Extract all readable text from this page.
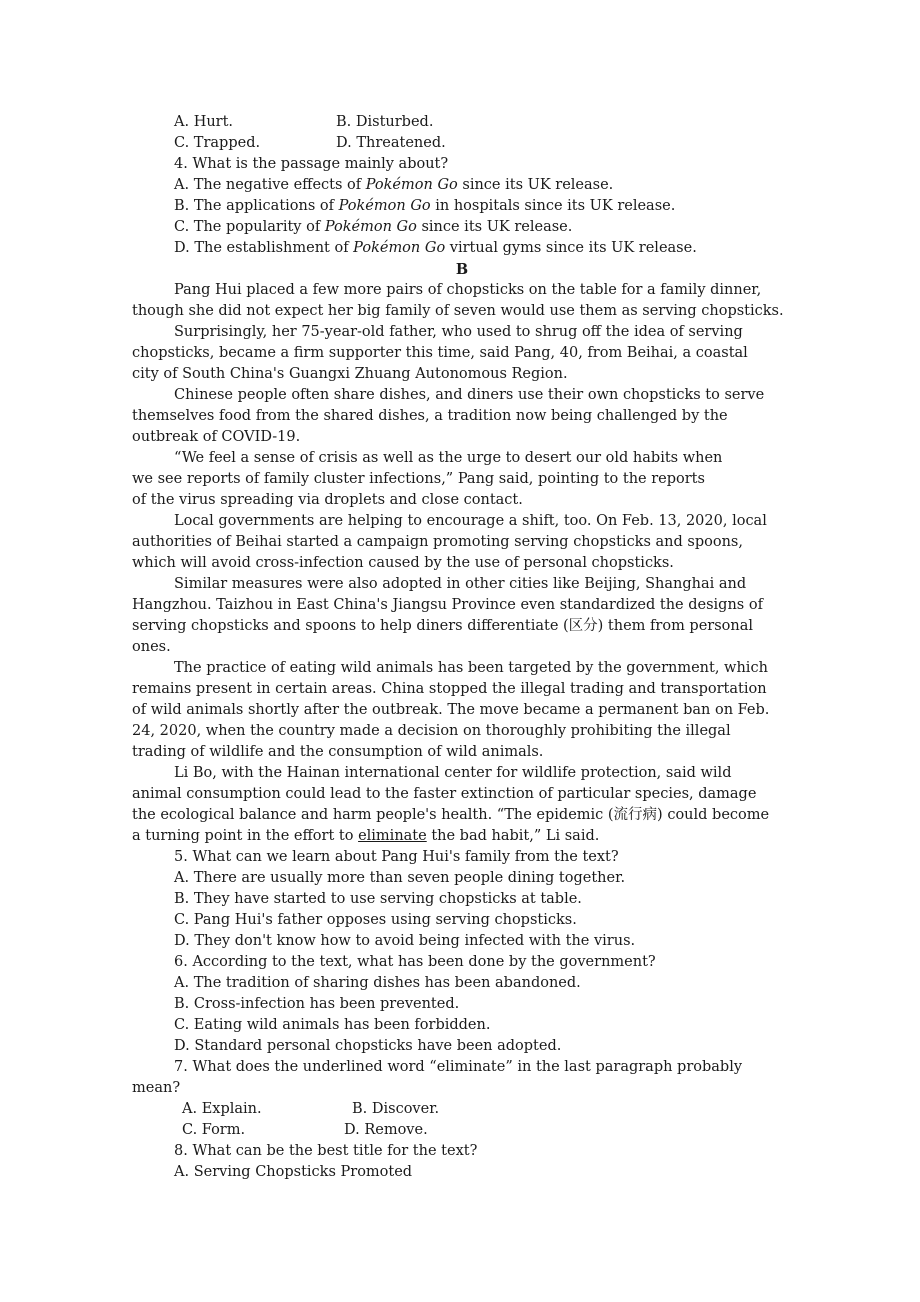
A. Hurt.	B. Disturbed.
C. Trapped.	D. Threatened.
4. What is the passage mainly about?
A. The negative effects of Pokémon Go since its UK release.
B. The applications of Pokémon Go in hospitals since its UK release.
C. The popularity of Pokémon Go since its UK release.
D. The establishment of Pokémon Go virtual gyms since its UK release.
B
Pang Hui placed a few more pairs of chopsticks on the table for a family dinner,
though she did not expect her big family of seven would use them as serving chopsticks.
Surprisingly, her 75-year-old father, who used to shrug off the idea of serving
chopsticks, became a firm supporter this time, said Pang, 40, from Beihai, a coastal
city of South China's Guangxi Zhuang Autonomous Region.
Chinese people often share dishes, and diners use their own chopsticks to serve
themselves food from the shared dishes, a tradition now being challenged by the
outbreak of COVID-19.
“We feel a sense of crisis as well as the urge to desert our old habits when
we see reports of family cluster infections,” Pang said, pointing to the reports
of the virus spreading via droplets and close contact.
Local governments are helping to encourage a shift, too. On Feb. 13, 2020, local
authorities of Beihai started a campaign promoting serving chopsticks and spoons,
which will avoid cross-infection caused by the use of personal chopsticks.
Similar measures were also adopted in other cities like Beijing, Shanghai and
Hangzhou. Taizhou in East China's Jiangsu Province even standardized the designs of
serving chopsticks and spoons to help diners differentiate (区分) them from personal
ones.
The practice of eating wild animals has been targeted by the government, which
remains present in certain areas. China stopped the illegal trading and transportation
of wild animals shortly after the outbreak. The move became a permanent ban on Feb.
24, 2020, when the country made a decision on thoroughly prohibiting the illegal
trading of wildlife and the consumption of wild animals.
Li Bo, with the Hainan international center for wildlife protection, said wild
animal consumption could lead to the faster extinction of particular species, damage
the ecological balance and harm people's health. “The epidemic (流行病) could become
a turning point in the effort to eliminate the bad habit,” Li said.
5. What can we learn about Pang Hui's family from the text?
A. There are usually more than seven people dining together.
B. They have started to use serving chopsticks at table.
C. Pang Hui's father opposes using serving chopsticks.
D. They don't know how to avoid being infected with the virus.
6. According to the text, what has been done by the government?
A. The tradition of sharing dishes has been abandoned.
B. Cross-infection has been prevented.
C. Eating wild animals has been forbidden.
D. Standard personal chopsticks have been adopted.
7. What does the underlined word “eliminate” in the last paragraph probably
mean?
A. Explain.	B. Discover.
C. Form.	D. Remove.
8. What can be the best title for the text?
A. Serving Chopsticks Promoted
